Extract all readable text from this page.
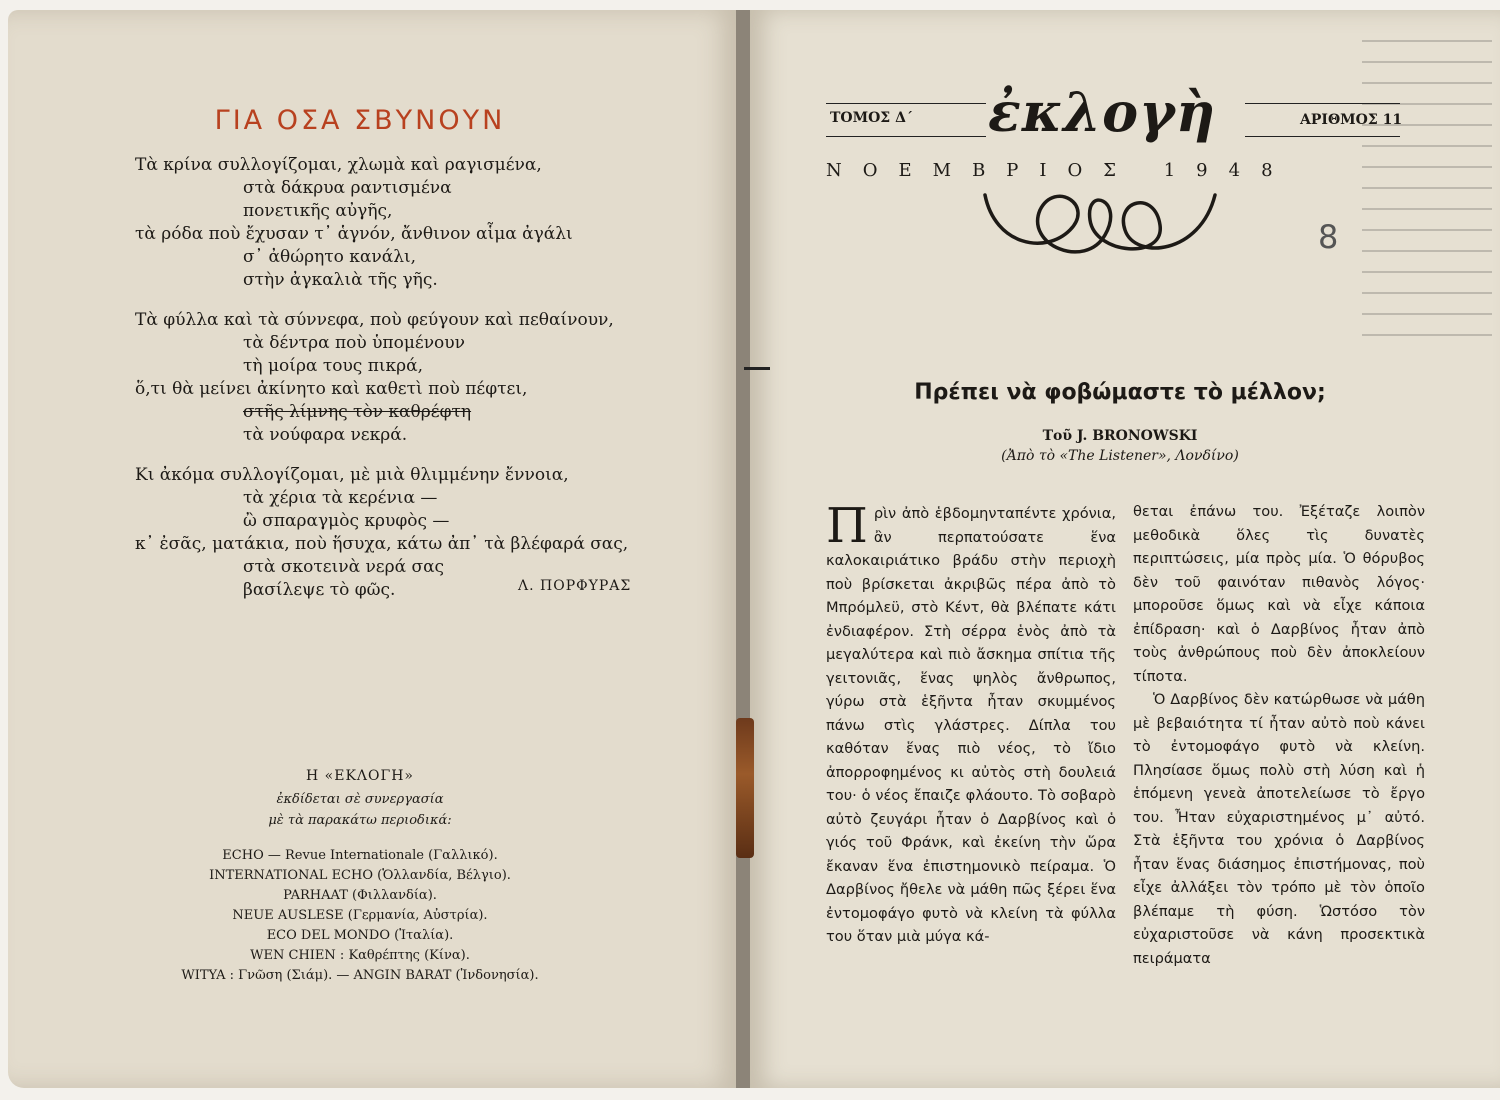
ΓΙΑ ΟΣΑ ΣΒΥΝΟΥΝ
Τὰ κρίνα συλλογίζομαι, χλωμὰ καὶ ραγισμένα,
στὰ δάκρυα ραντισμένα
πονετικῆς αὐγῆς,
τὰ ρόδα ποὺ ἔχυσαν τ᾽ ἁγνόν, ἄνθινον αἷμα ἀγάλι
σ᾽ ἀθώρητο κανάλι,
στὴν ἀγκαλιὰ τῆς γῆς.
Τὰ φύλλα καὶ τὰ σύννεφα, ποὺ φεύγουν καὶ πεθαίνουν,
τὰ δέντρα ποὺ ὑπομένουν
τὴ μοίρα τους πικρά,
ὅ,τι θὰ μείνει ἀκίνητο καὶ καθετὶ ποὺ πέφτει,
στῆς λίμνης τὸν καθρέφτη
τὰ νούφαρα νεκρά.
Κι ἀκόμα συλλογίζομαι, μὲ μιὰ θλιμμένην ἔννοια,
τὰ χέρια τὰ κερένια —
ὢ σπαραγμὸς κρυφὸς —
κ᾽ ἐσᾶς, ματάκια, ποὺ ἥσυχα, κάτω ἀπ᾽ τὰ βλέφαρά σας,
στὰ σκοτεινὰ νερά σας
βασίλεψε τὸ φῶς.	Λ. ΠΟΡΦΥΡΑΣ
Η «ΕΚΛΟΓΗ»
ἐκδίδεται σὲ συνεργασία
μὲ τὰ παρακάτω περιοδικά:
ECHO — Revue Internationale (Γαλλικό).
INTERNATIONAL ECHO (Ὁλλανδία, Βέλγιο).
PARHAAT (Φιλλανδία).
NEUE AUSLESE (Γερμανία, Αὐστρία).
ECO DEL MONDO (Ἰταλία).
WEN CHIEN : Καθρέπτης (Κίνα).
WITYA : Γνῶση (Σιάμ). — ANGIN BARAT (Ἰνδονησία).
ΤΟΜΟΣ Δ΄ ἐκλογὴ	ΑΡΙΘΜΟΣ 11
ΝΟΕΜΒΡΙΟΣ 1948
8
Πρέπει νὰ φοβώμαστε τὸ μέλλον;
Τοῦ J. BRONOWSKI
(Ἀπὸ τὸ «The Listener», Λονδίνο)

Πρὶν ἀπὸ ἑβδομηνταπέντε χρόνια, ἂν περπατούσατε ἕνα καλοκαιριάτικο βράδυ στὴν περιοχὴ ποὺ βρίσκεται ἀκριβῶς πέρα ἀπὸ τὸ Μπρόμλεϋ, στὸ Κέντ, θὰ βλέπατε κάτι ἐνδιαφέρον. Στὴ σέρρα ἑνὸς ἀπὸ τὰ μεγαλύτερα καὶ πιὸ ἄσκημα σπίτια τῆς γειτονιᾶς, ἕνας ψηλὸς ἄνθρωπος, γύρω στὰ ἑξῆντα ἦταν σκυμμένος πάνω στὶς γλάστρες. Δίπλα του καθόταν ἕνας πιὸ νέος, τὸ ἴδιο ἀπορροφημένος κι αὐτὸς στὴ δουλειά του· ὁ νέος ἔπαιζε φλάουτο. Τὸ σοβαρὸ αὐτὸ ζευγάρι ἦταν ὁ Δαρβίνος καὶ ὁ γιός τοῦ Φράνκ, καὶ ἐκείνη τὴν ὥρα ἔκαναν ἕνα ἐπιστημονικὸ πείραμα. Ὁ Δαρβίνος ἤθελε νὰ μάθη πῶς ξέρει ἕνα ἐντομοφάγο φυτὸ νὰ κλείνη τὰ φύλλα του ὅταν μιὰ μύγα κά-

θεται ἐπάνω του. Ἐξέταζε λοιπὸν μεθοδικὰ ὅλες τὶς δυνατὲς περιπτώσεις, μία πρὸς μία. Ὁ θόρυβος δὲν τοῦ φαινόταν πιθανὸς λόγος· μποροῦσε ὅμως καὶ νὰ εἶχε κάποια ἐπίδραση· καὶ ὁ Δαρβίνος ἦταν ἀπὸ τοὺς ἀνθρώπους ποὺ δὲν ἀποκλείουν τίποτα.

Ὁ Δαρβίνος δὲν κατώρθωσε νὰ μάθη μὲ βεβαιότητα τί ἦταν αὐτὸ ποὺ κάνει τὸ ἐντομοφάγο φυτὸ νὰ κλείνη. Πλησίασε ὅμως πολὺ στὴ λύση καὶ ἡ ἑπόμενη γενεὰ ἀποτελείωσε τὸ ἔργο του. Ἦταν εὐχαριστημένος μ᾽ αὐτό. Στὰ ἑξῆντα του χρόνια ὁ Δαρβίνος ἦταν ἕνας διάσημος ἐπιστήμονας, ποὺ εἶχε ἀλλάξει τὸν τρόπο μὲ τὸν ὁποῖο βλέπαμε τὴ φύση. Ὡστόσο τὸν εὐχαριστοῦσε νὰ κάνη προσεκτικὰ πειράματα
